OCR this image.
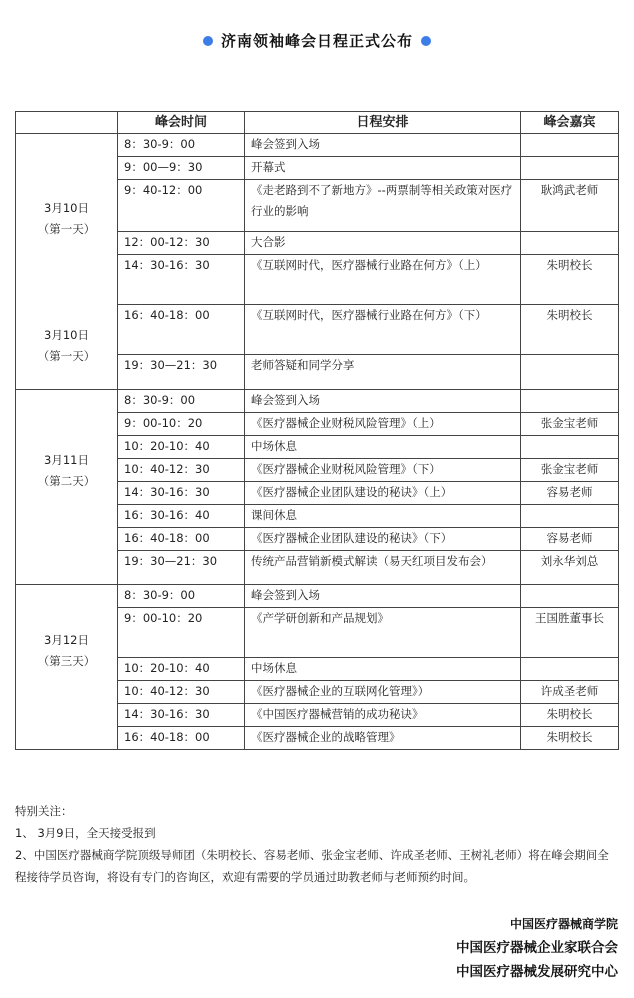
济南领袖峰会日程正式公布
	峰会时间	日程安排	峰会嘉宾

3月10日
（第一天）
3月10日
（第一天）	8：30-9：00	峰会签到入场	
	9：00—9：30	开幕式	
	9：40-12：00	《走老路到不了新地方》--两票制等相关政策对医疗行业的影响	耿鸿武老师
	12：00-12：30	大合影	
	14：30-16：30	《互联网时代，医疗器械行业路在何方》（上）	朱明校长
	16：40-18：00	《互联网时代，医疗器械行业路在何方》（下）	朱明校长
	19：30—21：30	老师答疑和同学分享	

3月11日
（第二天）	8：30-9：00	峰会签到入场	
	9：00-10：20	《医疗器械企业财税风险管理》（上）	张金宝老师
	10：20-10：40	中场休息	
	10：40-12：30	《医疗器械企业财税风险管理》（下）	张金宝老师
	14：30-16：30	《医疗器械企业团队建设的秘诀》（上）	容易老师
	16：30-16：40	课间休息	
	16：40-18：00	《医疗器械企业团队建设的秘诀》（下）	容易老师
	19：30—21：30	传统产品营销新模式解读（易天红项目发布会）	刘永华刘总

3月12日
（第三天）	8：30-9：00	峰会签到入场	
	9：00-10：20	《产学研创新和产品规划》	王国胜董事长
	10：20-10：40	中场休息	
	10：40-12：30	《医疗器械企业的互联网化管理》）	许成圣老师
	14：30-16：30	《中国医疗器械营销的成功秘诀》	朱明校长
	16：40-18：00	《医疗器械企业的战略管理》	朱明校长

特别关注：

1、 3月9日，全天接受报到

2、中国医疗器械商学院顶级导师团（朱明校长、容易老师、张金宝老师、许成圣老师、王树礼老师）将在峰会期间全程接待学员咨询，将设有专门的咨询区，欢迎有需要的学员通过助教老师与老师预约时间。

中国医疗器械商学院
中国医疗器械企业家联合会
中国医疗器械发展研究中心
